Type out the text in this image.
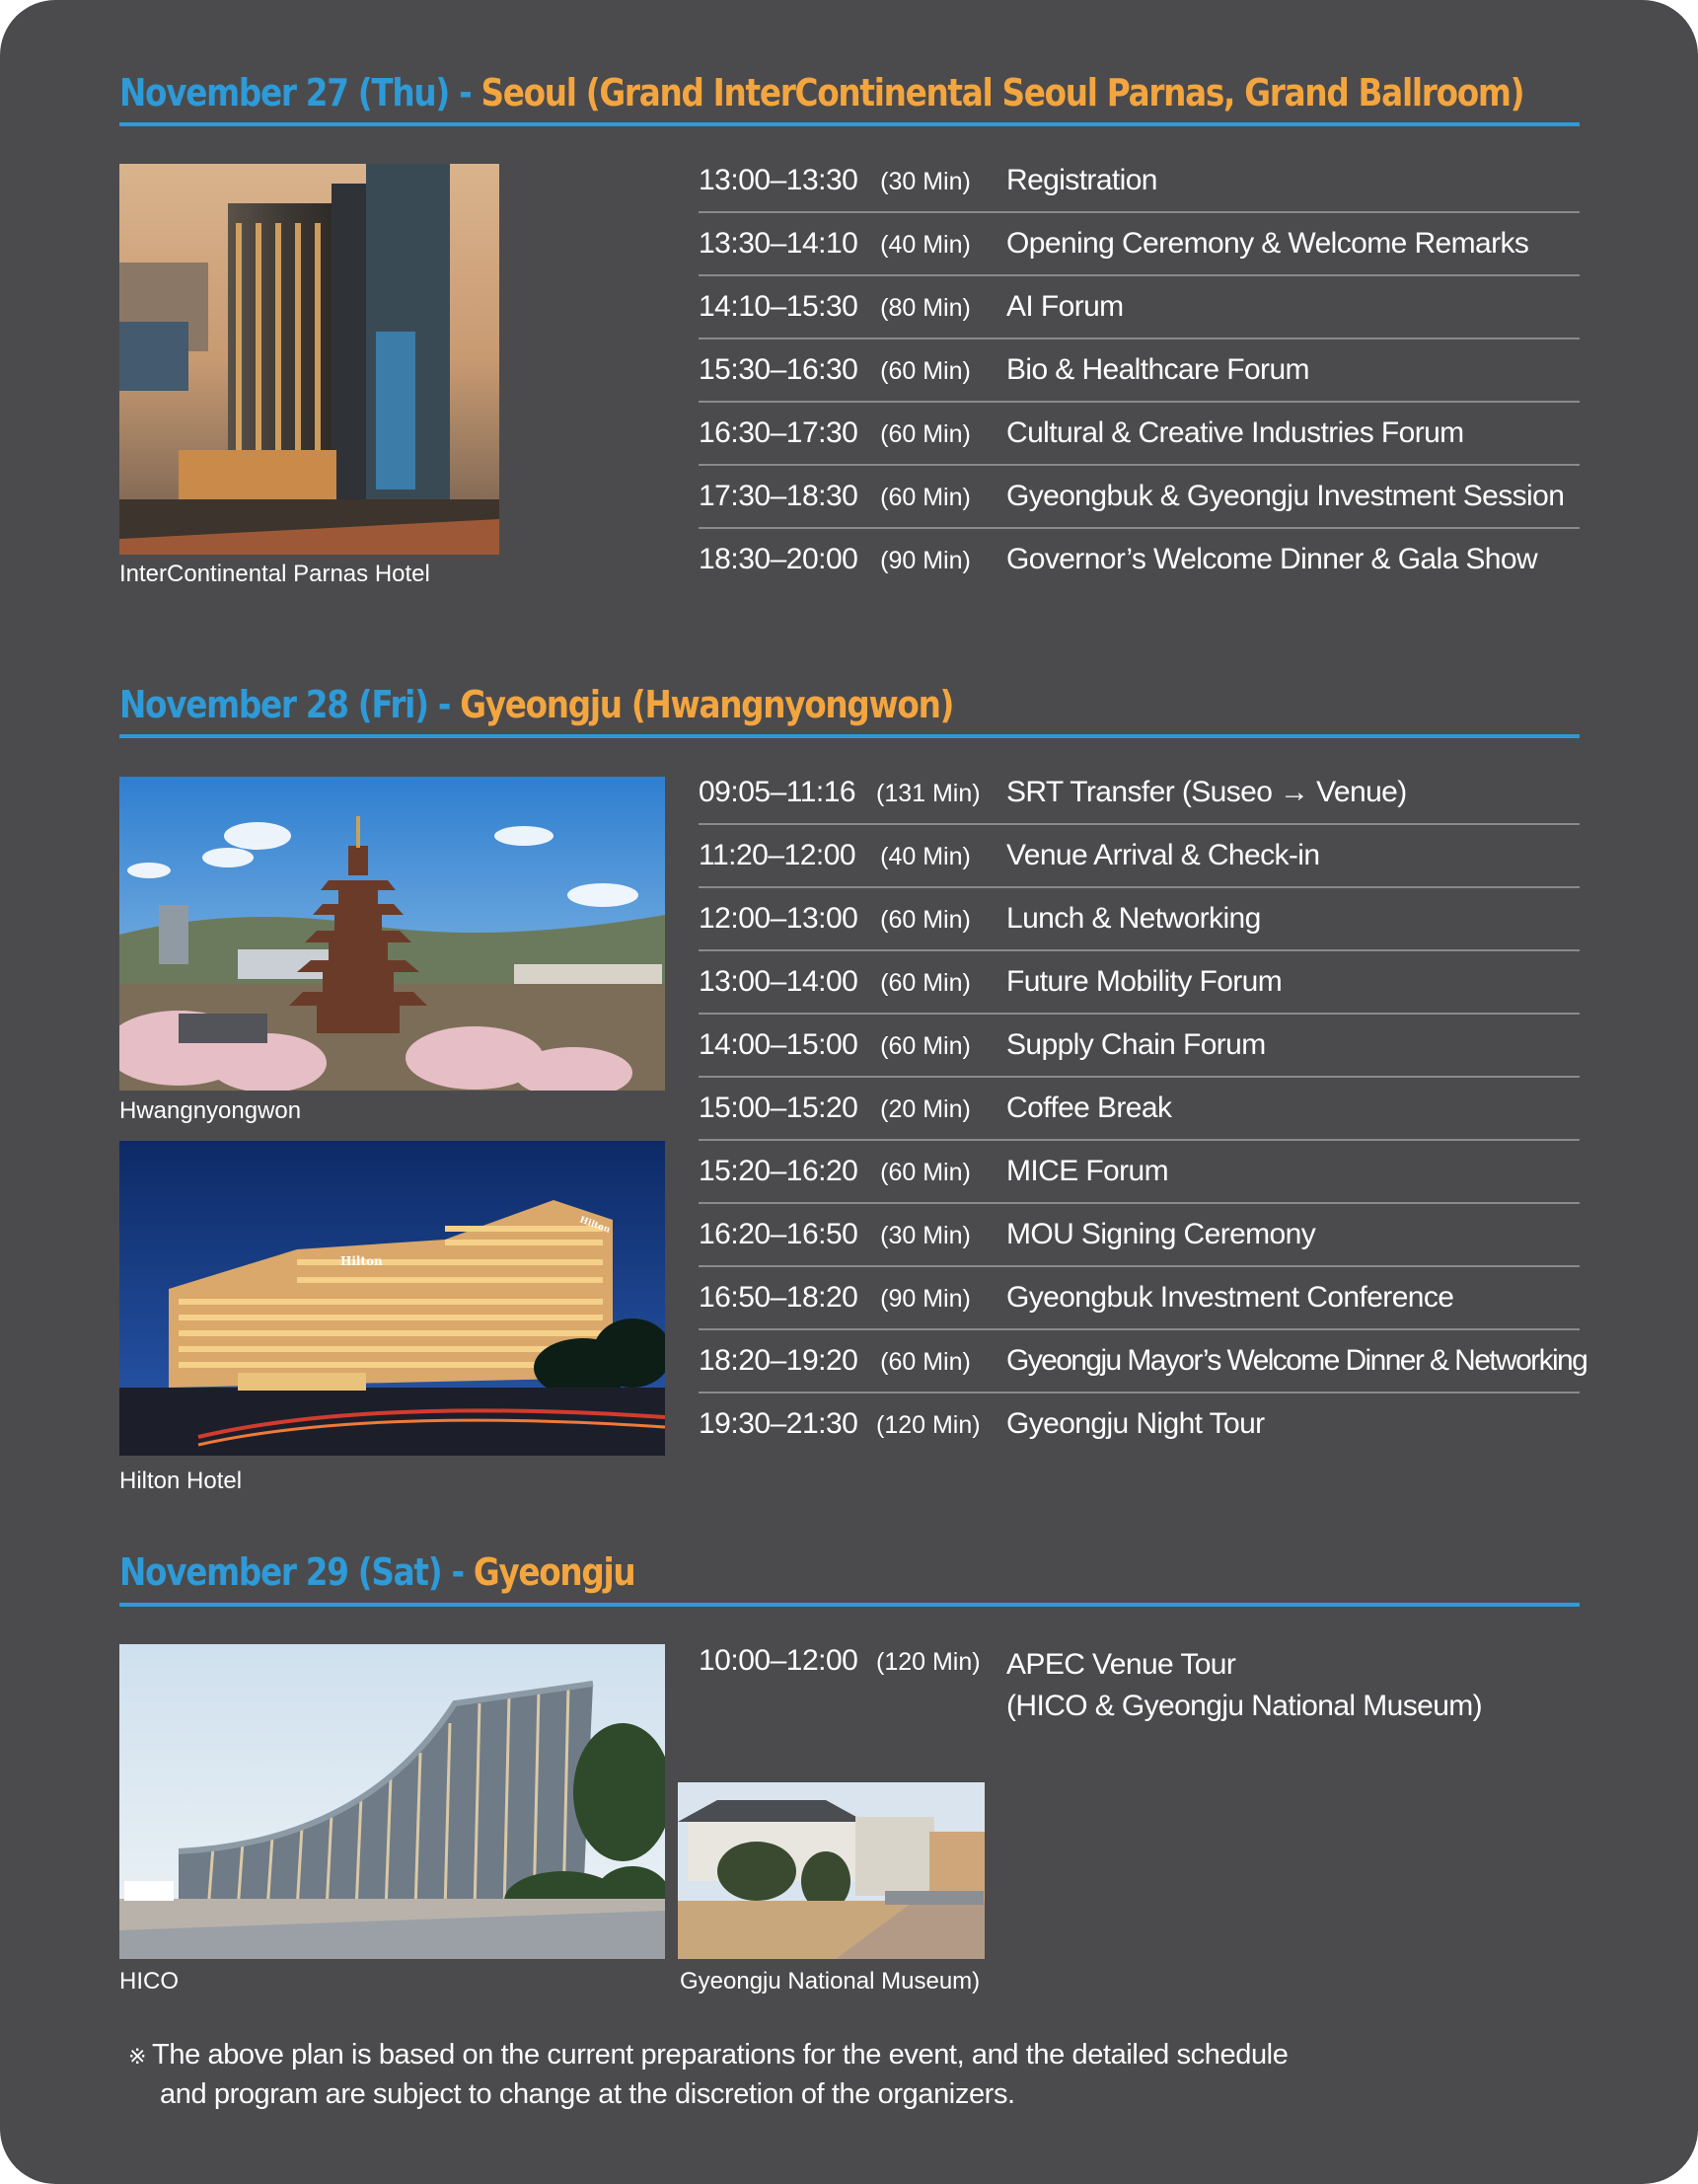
November 27 (Thu) - Seoul (Grand InterContinental Seoul Parnas, Grand Ballroom)
InterContinental Parnas Hotel
13:00–13:30 (30 Min) Registration
13:30–14:10 (40 Min) Opening Ceremony & Welcome Remarks
14:10–15:30 (80 Min) AI Forum
15:30–16:30 (60 Min) Bio & Healthcare Forum
16:30–17:30 (60 Min) Cultural & Creative Industries Forum
17:30–18:30 (60 Min) Gyeongbuk & Gyeongju Investment Session
18:30–20:00 (90 Min) Governor’s Welcome Dinner & Gala Show
November 28 (Fri) - Gyeongju (Hwangnyongwon)
Hwangnyongwon
Hilton
Hilton
Hilton Hotel
09:05–11:16 (131 Min) SRT Transfer (Suseo → Venue)
11:20–12:00 (40 Min) Venue Arrival & Check-in
12:00–13:00 (60 Min) Lunch & Networking
13:00–14:00 (60 Min) Future Mobility Forum
14:00–15:00 (60 Min) Supply Chain Forum
15:00–15:20 (20 Min) Coffee Break
15:20–16:20 (60 Min) MICE Forum
16:20–16:50 (30 Min) MOU Signing Ceremony
16:50–18:20 (90 Min) Gyeongbuk Investment Conference
18:20–19:20 (60 Min) Gyeongju Mayor’s Welcome Dinner & Networking
19:30–21:30 (120 Min) Gyeongju Night Tour
November 29 (Sat) - Gyeongju
HICO	Gyeongju National Museum)
10:00–12:00 (120 Min) APEC Venue Tour
(HICO & Gyeongju National Museum)
※ The above plan is based on the current preparations for the event, and the detailed schedule
and program are subject to change at the discretion of the organizers.
